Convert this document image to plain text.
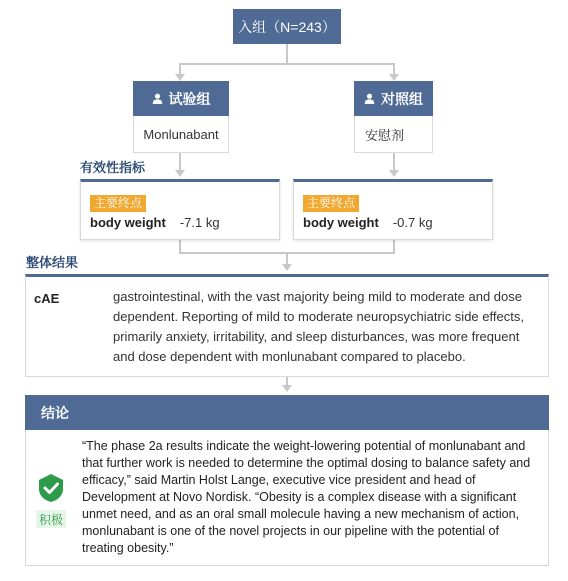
入组（N=243）
试验组
Monlunabant
对照组
安慰剂
有效性指标
主要终点
body weight -7.1 kg
主要终点
body weight -0.7 kg
整体结果
cAE	gastrointestinal, with the vast majority being mild to moderate and dose dependent. Reporting of mild to moderate neuropsychiatric side effects, primarily anxiety, irritability, and sleep disturbances, was more frequent and dose dependent with monlunabant compared to placebo.
结论
积极
“The phase 2a results indicate the weight-lowering potential of monlunabant and that further work is needed to determine the optimal dosing to balance safety and efficacy,” said Martin Holst Lange, executive vice president and head of Development at Novo Nordisk. “Obesity is a complex disease with a significant unmet need, and as an oral small molecule having a new mechanism of action, monlunabant is one of the novel projects in our pipeline with the potential of treating obesity.”
